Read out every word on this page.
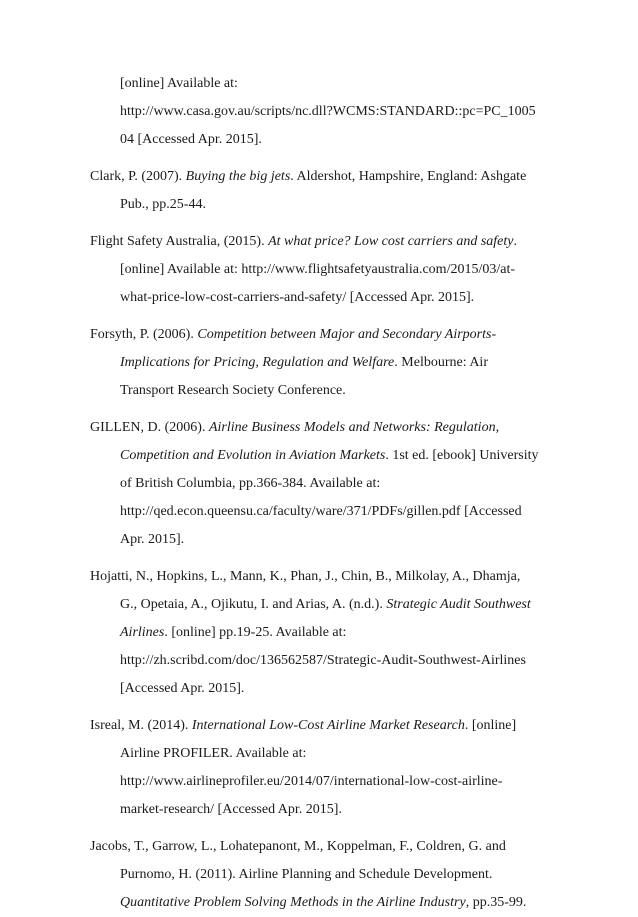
[online] Available at:
http://www.casa.gov.au/scripts/nc.dll?WCMS:STANDARD::pc=PC_1005
04 [Accessed Apr. 2015].
Clark, P. (2007). Buying the big jets. Aldershot, Hampshire, England: Ashgate
Pub., pp.25-44.
Flight Safety Australia, (2015). At what price? Low cost carriers and safety.
[online] Available at: http://www.flightsafetyaustralia.com/2015/03/at-
what-price-low-cost-carriers-and-safety/ [Accessed Apr. 2015].
Forsyth, P. (2006). Competition between Major and Secondary Airports-
Implications for Pricing, Regulation and Welfare. Melbourne: Air
Transport Research Society Conference.
GILLEN, D. (2006). Airline Business Models and Networks: Regulation,
Competition and Evolution in Aviation Markets. 1st ed. [ebook] University
of British Columbia, pp.366-384. Available at:
http://qed.econ.queensu.ca/faculty/ware/371/PDFs/gillen.pdf [Accessed
Apr. 2015].
Hojatti, N., Hopkins, L., Mann, K., Phan, J., Chin, B., Milkolay, A., Dhamja,
G., Opetaia, A., Ojikutu, I. and Arias, A. (n.d.). Strategic Audit Southwest
Airlines. [online] pp.19-25. Available at:
http://zh.scribd.com/doc/136562587/Strategic-Audit-Southwest-Airlines
[Accessed Apr. 2015].
Isreal, M. (2014). International Low-Cost Airline Market Research. [online]
Airline PROFILER. Available at:
http://www.airlineprofiler.eu/2014/07/international-low-cost-airline-
market-research/ [Accessed Apr. 2015].
Jacobs, T., Garrow, L., Lohatepanont, M., Koppelman, F., Coldren, G. and
Purnomo, H. (2011). Airline Planning and Schedule Development.
Quantitative Problem Solving Methods in the Airline Industry, pp.35-99.
